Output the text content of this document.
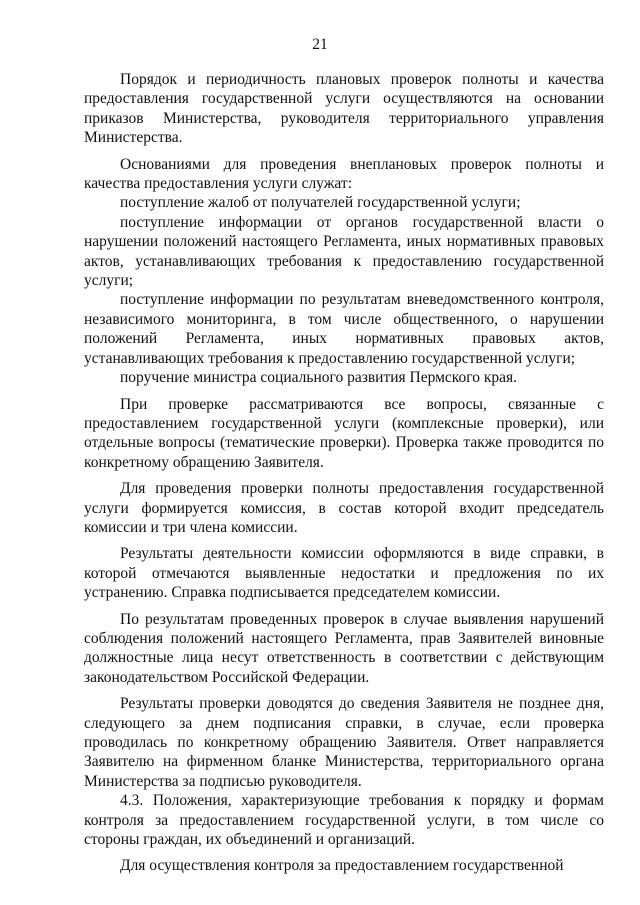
21

Порядок и периодичность плановых проверок полноты и качества предоставления государственной услуги осуществляются на основании приказов Министерства, руководителя территориального управления Министерства.

Основаниями для проведения внеплановых проверок полноты и качества предоставления услуги служат:

поступление жалоб от получателей государственной услуги;

поступление информации от органов государственной власти о нарушении положений настоящего Регламента, иных нормативных правовых актов, устанавливающих требования к предоставлению государственной услуги;

поступление информации по результатам вневедомственного контроля, независимого мониторинга, в том числе общественного, о нарушении положений Регламента, иных нормативных правовых актов, устанавливающих требования к предоставлению государственной услуги;

поручение министра социального развития Пермского края.

При проверке рассматриваются все вопросы, связанные с предоставлением государственной услуги (комплексные проверки), или отдельные вопросы (тематические проверки). Проверка также проводится по конкретному обращению Заявителя.

Для проведения проверки полноты предоставления государственной услуги формируется комиссия, в состав которой входит председатель комиссии и три члена комиссии.

Результаты деятельности комиссии оформляются в виде справки, в которой отмечаются выявленные недостатки и предложения по их устранению. Справка подписывается председателем комиссии.

По результатам проведенных проверок в случае выявления нарушений соблюдения положений настоящего Регламента, прав Заявителей виновные должностные лица несут ответственность в соответствии с действующим законодательством Российской Федерации.

Результаты проверки доводятся до сведения Заявителя не позднее дня, следующего за днем подписания справки, в случае, если проверка проводилась по конкретному обращению Заявителя. Ответ направляется Заявителю на фирменном бланке Министерства, территориального органа Министерства за подписью руководителя.

4.3. Положения, характеризующие требования к порядку и формам контроля за предоставлением государственной услуги, в том числе со стороны граждан, их объединений и организаций.

Для осуществления контроля за предоставлением государственной
